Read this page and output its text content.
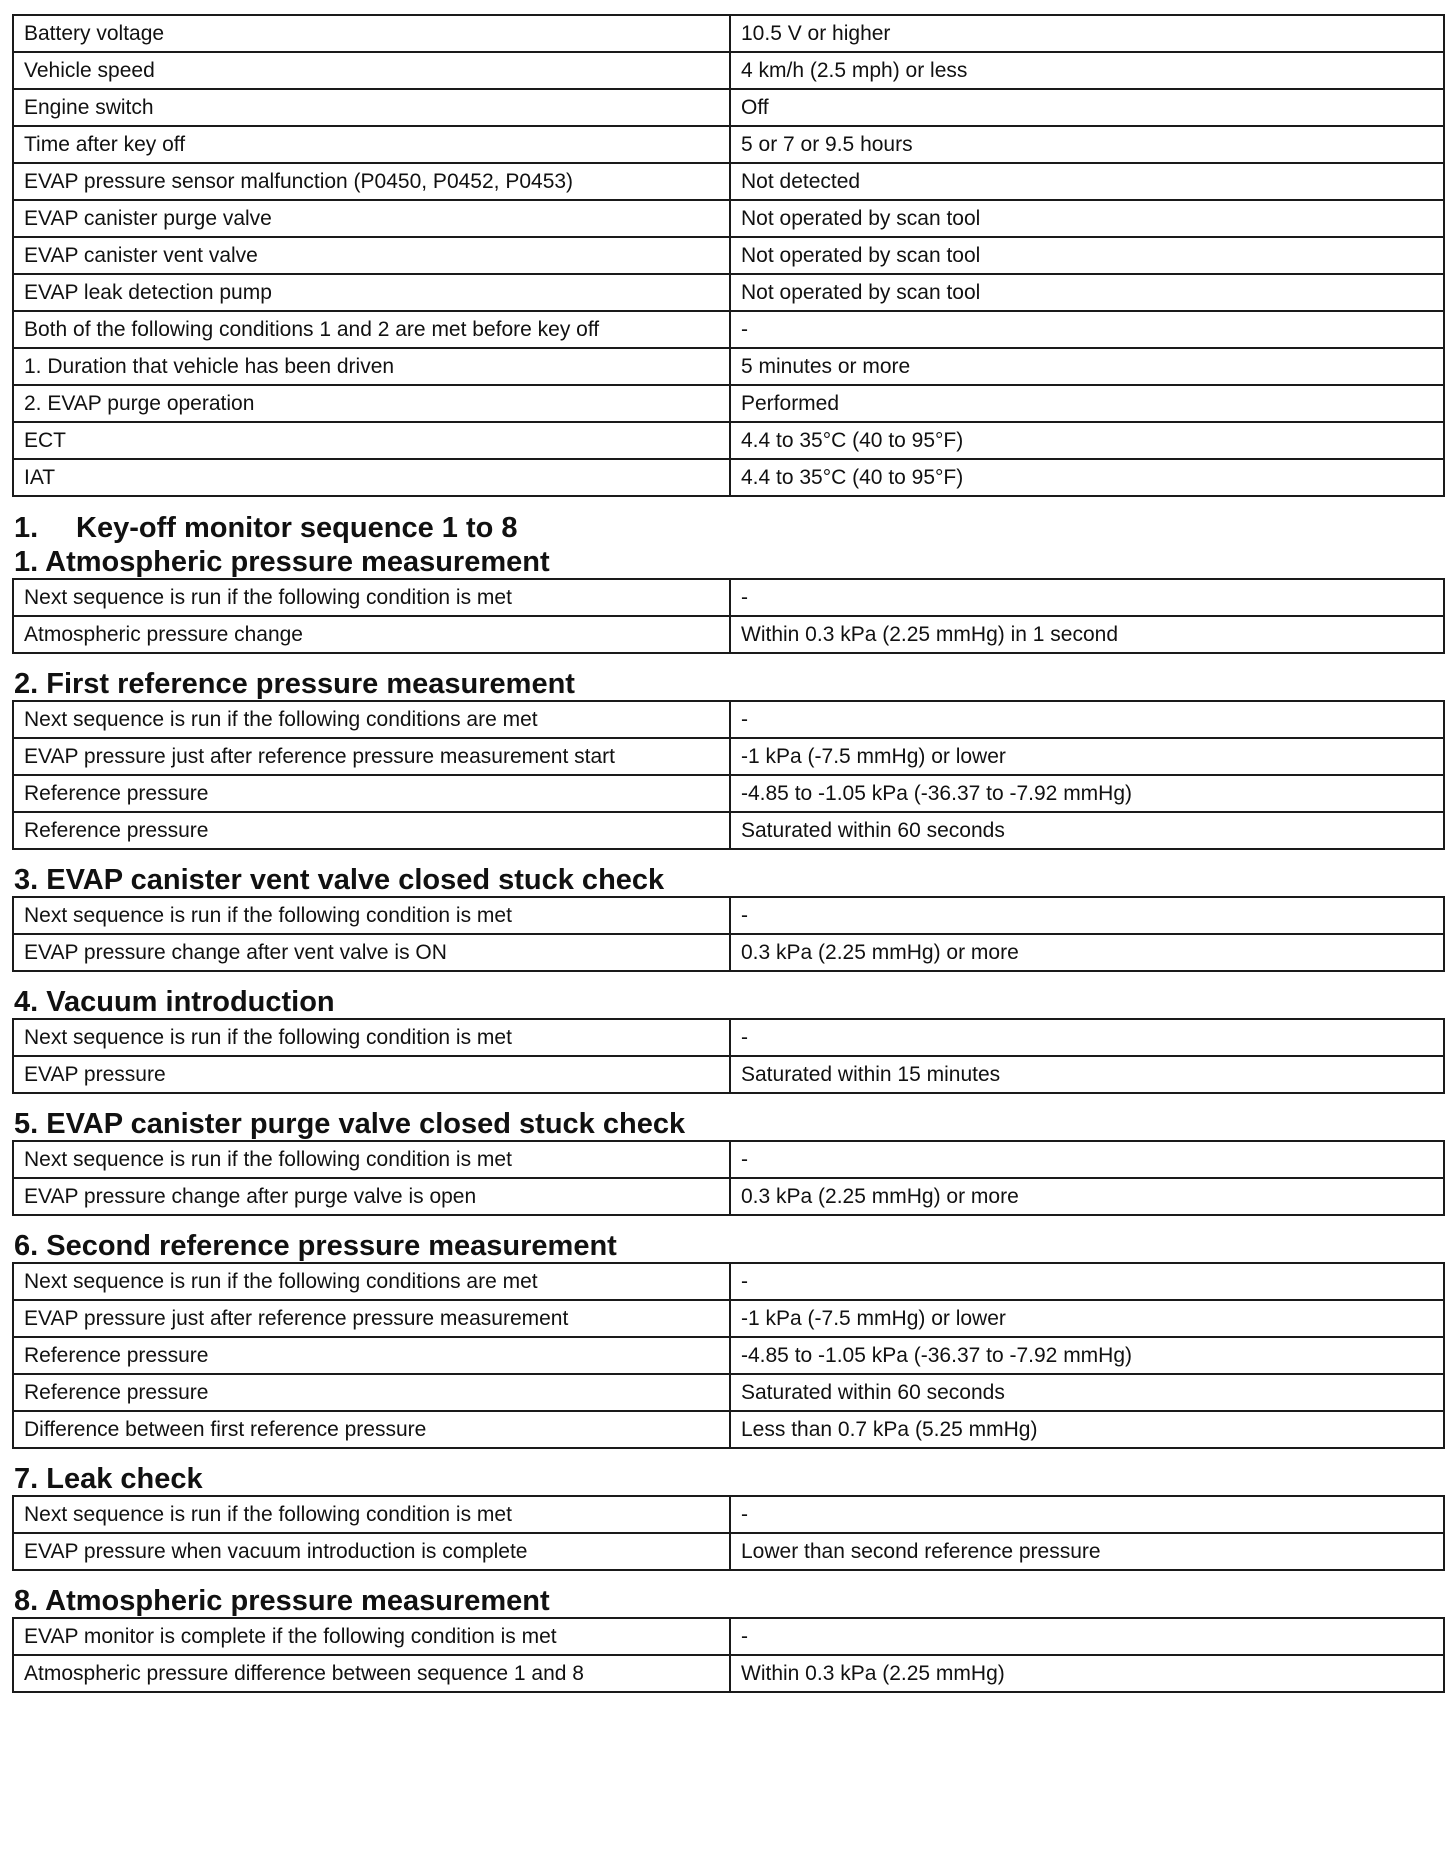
Battery voltage	10.5 V or higher
Vehicle speed	4 km/h (2.5 mph) or less
Engine switch	Off
Time after key off	5 or 7 or 9.5 hours
EVAP pressure sensor malfunction (P0450, P0452, P0453)	Not detected
EVAP canister purge valve	Not operated by scan tool
EVAP canister vent valve	Not operated by scan tool
EVAP leak detection pump	Not operated by scan tool
Both of the following conditions 1 and 2 are met before key off	-
1. Duration that vehicle has been driven	5 minutes or more
2. EVAP purge operation	Performed
ECT	4.4 to 35°C (40 to 95°F)
IAT	4.4 to 35°C (40 to 95°F)
1.	Key-off monitor sequence 1 to 8
1. Atmospheric pressure measurement
Next sequence is run if the following condition is met	-
Atmospheric pressure change	Within 0.3 kPa (2.25 mmHg) in 1 second
2. First reference pressure measurement
Next sequence is run if the following conditions are met	-
EVAP pressure just after reference pressure measurement start	-1 kPa (-7.5 mmHg) or lower
Reference pressure	-4.85 to -1.05 kPa (-36.37 to -7.92 mmHg)
Reference pressure	Saturated within 60 seconds
3. EVAP canister vent valve closed stuck check
Next sequence is run if the following condition is met	-
EVAP pressure change after vent valve is ON	0.3 kPa (2.25 mmHg) or more
4. Vacuum introduction
Next sequence is run if the following condition is met	-
EVAP pressure	Saturated within 15 minutes
5. EVAP canister purge valve closed stuck check
Next sequence is run if the following condition is met	-
EVAP pressure change after purge valve is open	0.3 kPa (2.25 mmHg) or more
6. Second reference pressure measurement
Next sequence is run if the following conditions are met	-
EVAP pressure just after reference pressure measurement	-1 kPa (-7.5 mmHg) or lower
Reference pressure	-4.85 to -1.05 kPa (-36.37 to -7.92 mmHg)
Reference pressure	Saturated within 60 seconds
Difference between first reference pressure	Less than 0.7 kPa (5.25 mmHg)
7. Leak check
Next sequence is run if the following condition is met	-
EVAP pressure when vacuum introduction is complete	Lower than second reference pressure
8. Atmospheric pressure measurement
EVAP monitor is complete if the following condition is met	-
Atmospheric pressure difference between sequence 1 and 8	Within 0.3 kPa (2.25 mmHg)
